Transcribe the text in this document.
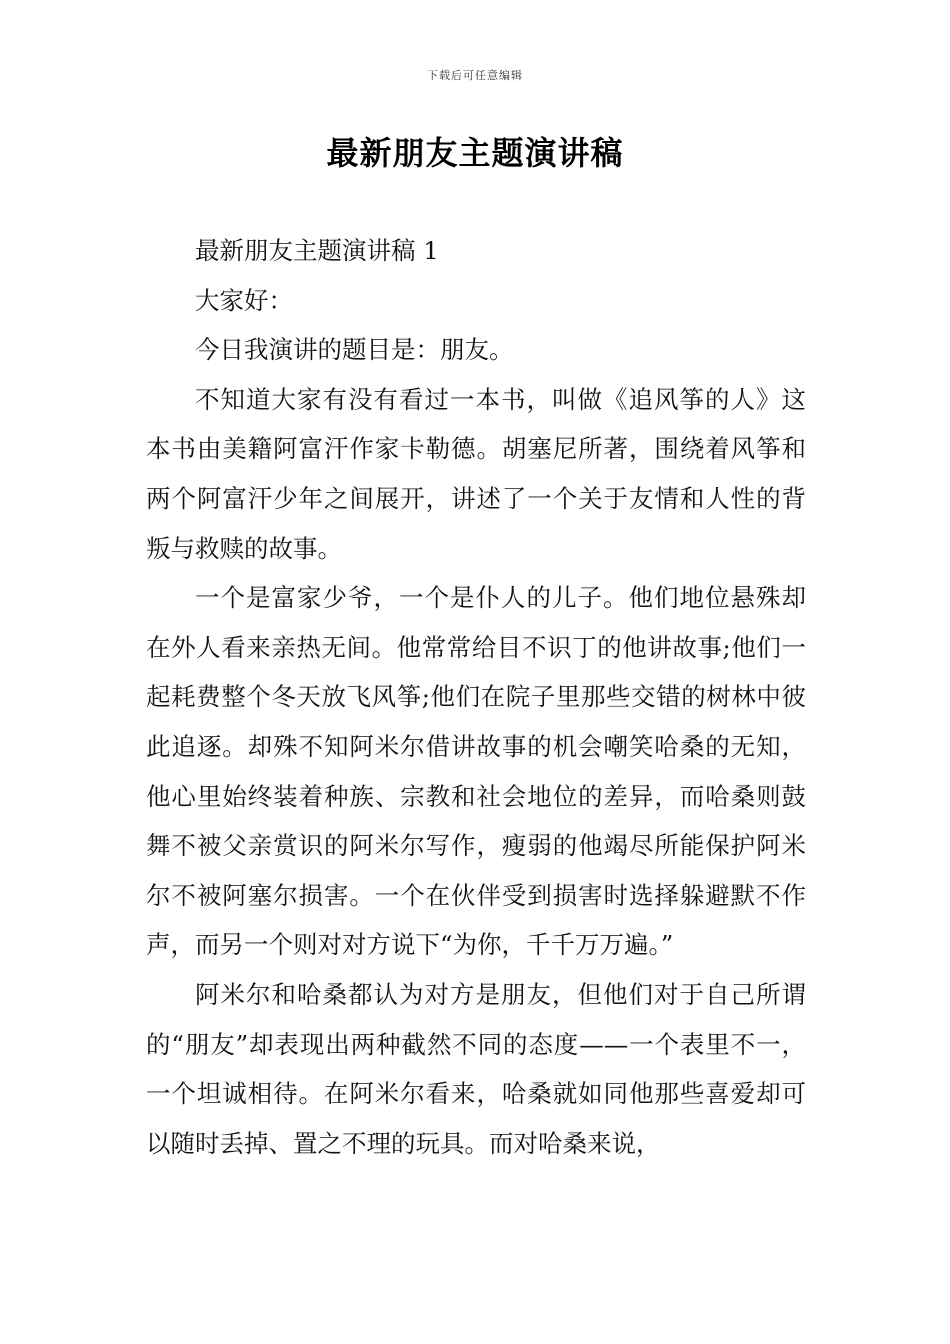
下载后可任意编辑
最新朋友主题演讲稿

最新朋友主题演讲稿 1

大家好：

今日我演讲的题目是：朋友。

不知道大家有没有看过一本书，叫做《追风筝的人》这本书由美籍阿富汗作家卡勒德。胡塞尼所著，围绕着风筝和两个阿富汗少年之间展开，讲述了一个关于友情和人性的背叛与救赎的故事。

一个是富家少爷，一个是仆人的儿子。他们地位悬殊却在外人看来亲热无间。他常常给目不识丁的他讲故事;他们一起耗费整个冬天放飞风筝;他们在院子里那些交错的树林中彼此追逐。却殊不知阿米尔借讲故事的机会嘲笑哈桑的无知，他心里始终装着种族、宗教和社会地位的差异，而哈桑则鼓舞不被父亲赏识的阿米尔写作，瘦弱的他竭尽所能保护阿米尔不被阿塞尔损害。一个在伙伴受到损害时选择躲避默不作声，而另一个则对对方说下“为你，千千万万遍。”

阿米尔和哈桑都认为对方是朋友，但他们对于自己所谓的“朋友”却表现出两种截然不同的态度——一个表里不一，一个坦诚相待。在阿米尔看来，哈桑就如同他那些喜爱却可以随时丢掉、置之不理的玩具。而对哈桑来说，
